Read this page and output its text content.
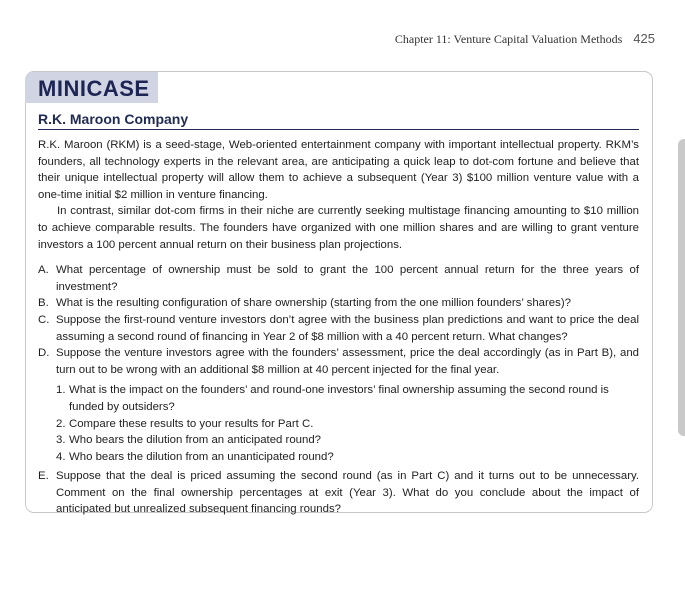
Chapter 11: Venture Capital Valuation Methods 425
MINICASE
R.K. Maroon Company

R.K. Maroon (RKM) is a seed-stage, Web-oriented entertainment company with important intellectual property. RKM’s founders, all technology experts in the relevant area, are anticipating a quick leap to dot-com fortune and believe that their unique intellectual property will allow them to achieve a subsequent (Year 3) $100 million venture value with a one-time initial $2 million in venture financing.

In contrast, similar dot-com firms in their niche are currently seeking multistage financing amounting to $10 million to achieve comparable results. The founders have organized with one million shares and are willing to grant venture investors a 100 percent annual return on their business plan projections.

A. What percentage of ownership must be sold to grant the 100 percent annual return for the three years of investment?
B. What is the resulting configuration of share ownership (starting from the one million founders’ shares)?
C. Suppose the first-round venture investors don’t agree with the business plan predictions and want to price the deal assuming a second round of financing in Year 2 of $8 million with a 40 percent return. What changes?
D. Suppose the venture investors agree with the founders’ assessment, price the deal accordingly (as in Part B), and turn out to be wrong with an additional $8 million at 40 percent injected for the final year.
1. What is the impact on the founders’ and round-one investors’ final ownership assuming the second round is funded by outsiders?
2. Compare these results to your results for Part C.
3. Who bears the dilution from an anticipated round?
4. Who bears the dilution from an unanticipated round?
E. Suppose that the deal is priced assuming the second round (as in Part C) and it turns out to be unnecessary. Comment on the final ownership percentages at exit (Year 3). What do you conclude about the impact of anticipated but unrealized subsequent financing rounds?
